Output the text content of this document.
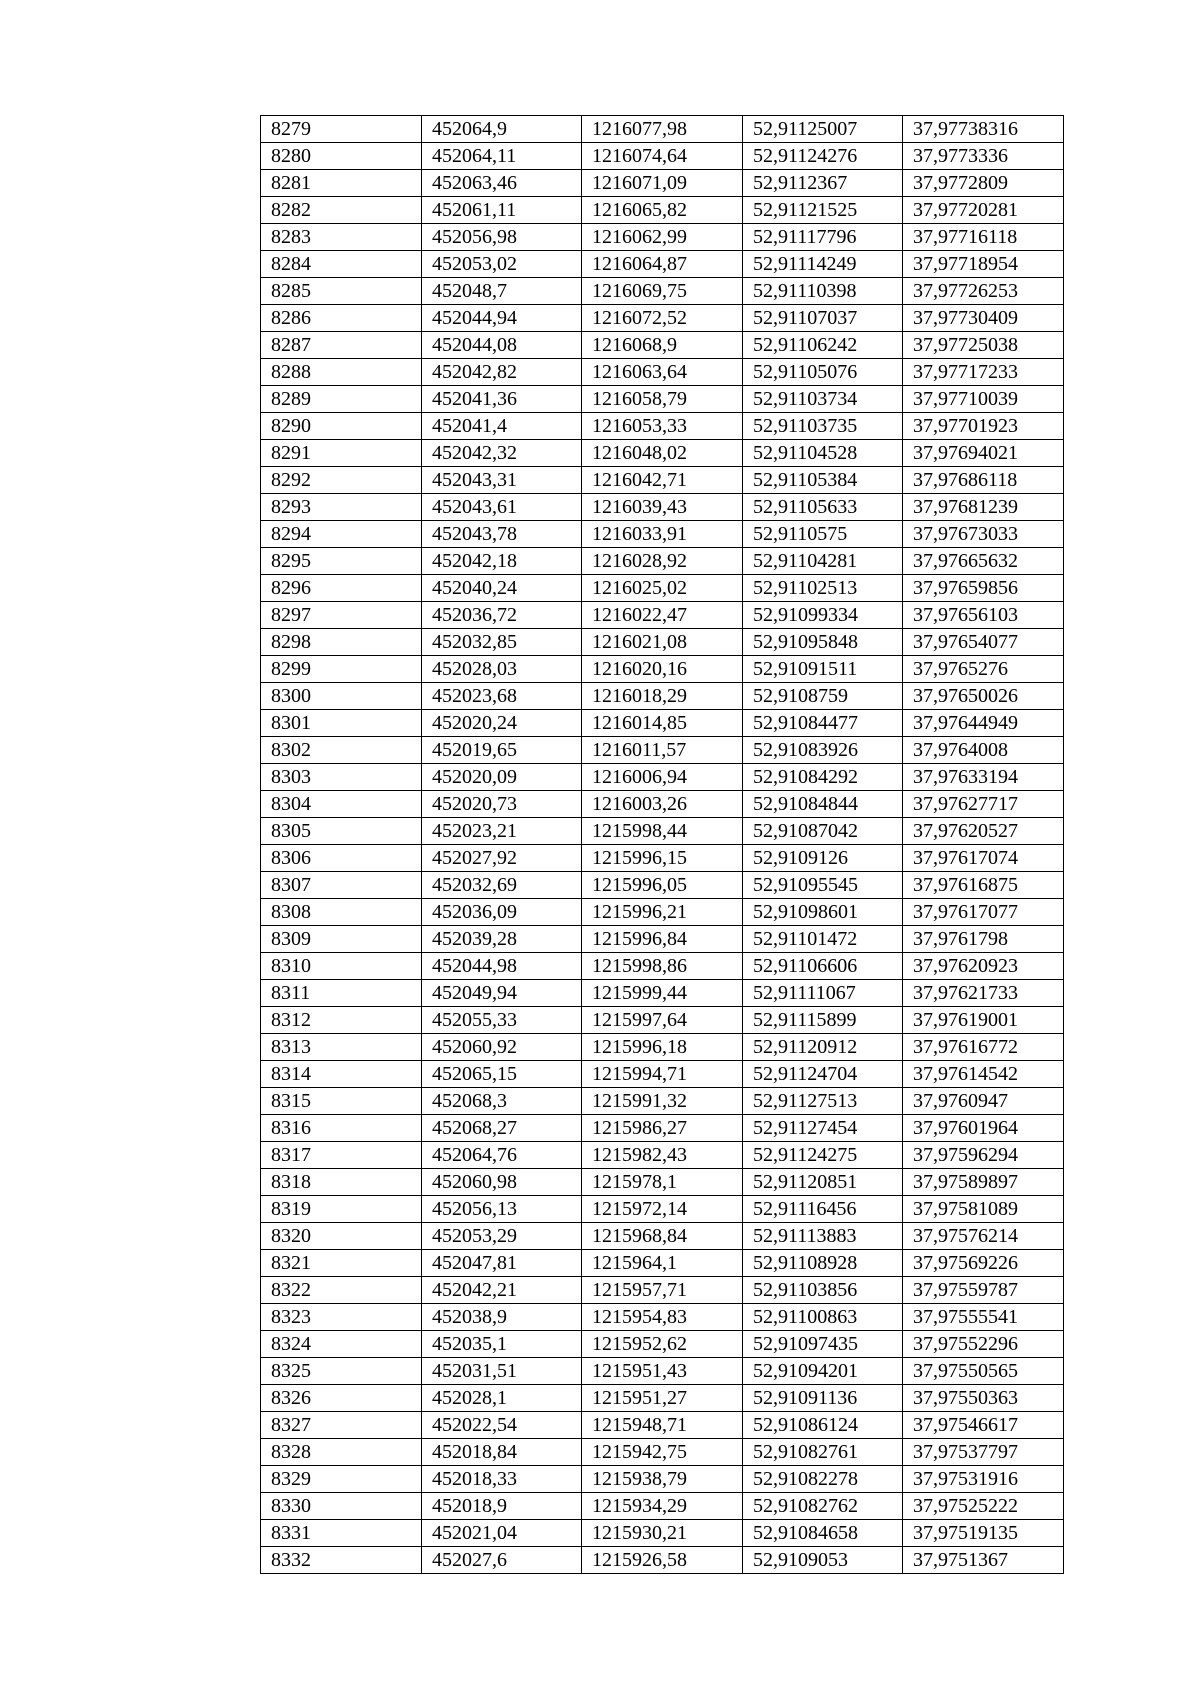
8279	452064,9	1216077,98	52,91125007	37,97738316
8280	452064,11	1216074,64	52,91124276	37,9773336
8281	452063,46	1216071,09	52,9112367	37,9772809
8282	452061,11	1216065,82	52,91121525	37,97720281
8283	452056,98	1216062,99	52,91117796	37,97716118
8284	452053,02	1216064,87	52,91114249	37,97718954
8285	452048,7	1216069,75	52,91110398	37,97726253
8286	452044,94	1216072,52	52,91107037	37,97730409
8287	452044,08	1216068,9	52,91106242	37,97725038
8288	452042,82	1216063,64	52,91105076	37,97717233
8289	452041,36	1216058,79	52,91103734	37,97710039
8290	452041,4	1216053,33	52,91103735	37,97701923
8291	452042,32	1216048,02	52,91104528	37,97694021
8292	452043,31	1216042,71	52,91105384	37,97686118
8293	452043,61	1216039,43	52,91105633	37,97681239
8294	452043,78	1216033,91	52,9110575	37,97673033
8295	452042,18	1216028,92	52,91104281	37,97665632
8296	452040,24	1216025,02	52,91102513	37,97659856
8297	452036,72	1216022,47	52,91099334	37,97656103
8298	452032,85	1216021,08	52,91095848	37,97654077
8299	452028,03	1216020,16	52,91091511	37,9765276
8300	452023,68	1216018,29	52,9108759	37,97650026
8301	452020,24	1216014,85	52,91084477	37,97644949
8302	452019,65	1216011,57	52,91083926	37,9764008
8303	452020,09	1216006,94	52,91084292	37,97633194
8304	452020,73	1216003,26	52,91084844	37,97627717
8305	452023,21	1215998,44	52,91087042	37,97620527
8306	452027,92	1215996,15	52,9109126	37,97617074
8307	452032,69	1215996,05	52,91095545	37,97616875
8308	452036,09	1215996,21	52,91098601	37,97617077
8309	452039,28	1215996,84	52,91101472	37,9761798
8310	452044,98	1215998,86	52,91106606	37,97620923
8311	452049,94	1215999,44	52,91111067	37,97621733
8312	452055,33	1215997,64	52,91115899	37,97619001
8313	452060,92	1215996,18	52,91120912	37,97616772
8314	452065,15	1215994,71	52,91124704	37,97614542
8315	452068,3	1215991,32	52,91127513	37,9760947
8316	452068,27	1215986,27	52,91127454	37,97601964
8317	452064,76	1215982,43	52,91124275	37,97596294
8318	452060,98	1215978,1	52,91120851	37,97589897
8319	452056,13	1215972,14	52,91116456	37,97581089
8320	452053,29	1215968,84	52,91113883	37,97576214
8321	452047,81	1215964,1	52,91108928	37,97569226
8322	452042,21	1215957,71	52,91103856	37,97559787
8323	452038,9	1215954,83	52,91100863	37,97555541
8324	452035,1	1215952,62	52,91097435	37,97552296
8325	452031,51	1215951,43	52,91094201	37,97550565
8326	452028,1	1215951,27	52,91091136	37,97550363
8327	452022,54	1215948,71	52,91086124	37,97546617
8328	452018,84	1215942,75	52,91082761	37,97537797
8329	452018,33	1215938,79	52,91082278	37,97531916
8330	452018,9	1215934,29	52,91082762	37,97525222
8331	452021,04	1215930,21	52,91084658	37,97519135
8332	452027,6	1215926,58	52,9109053	37,9751367
